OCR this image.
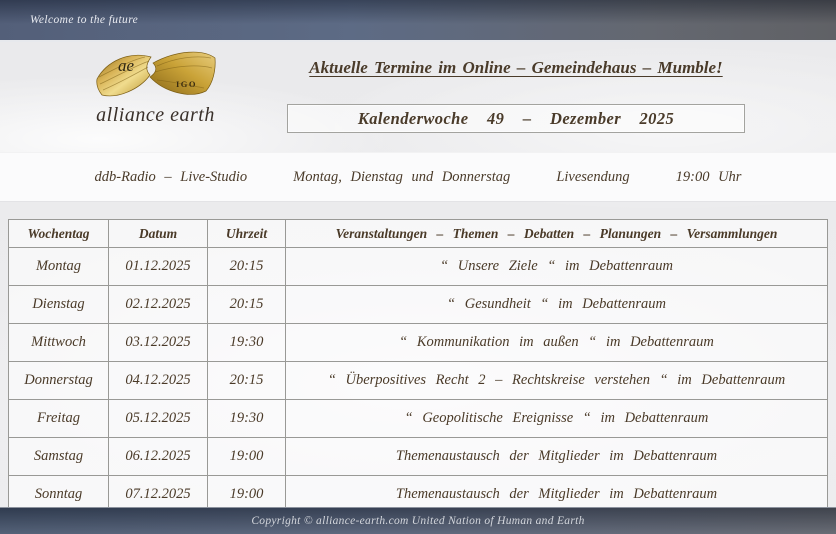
Welcome to the future
ae
IGO
alliance earth
Aktuelle Termine im Online – Gemeindehaus – Mumble!
Kalenderwoche 49 – Dezember 2025
ddb-Radio – Live-Studio	Montag, Dienstag und Donnerstag	Livesendung	19:00 Uhr
Wochentag	Datum	Uhrzeit	Veranstaltungen – Themen – Debatten – Planungen – Versammlungen
Montag	01.12.2025	20:15	“ Unsere Ziele “ im Debattenraum
Dienstag	02.12.2025	20:15	“ Gesundheit “ im Debattenraum
Mittwoch	03.12.2025	19:30	“ Kommunikation im außen “ im Debattenraum
Donnerstag	04.12.2025	20:15	“ Überpositives Recht 2 – Rechtskreise verstehen “ im Debattenraum
Freitag	05.12.2025	19:30	“ Geopolitische Ereignisse “ im Debattenraum
Samstag	06.12.2025	19:00	Themenaustausch der Mitglieder im Debattenraum
Sonntag	07.12.2025	19:00	Themenaustausch der Mitglieder im Debattenraum
Copyright © alliance-earth.com United Nation of Human and Earth
